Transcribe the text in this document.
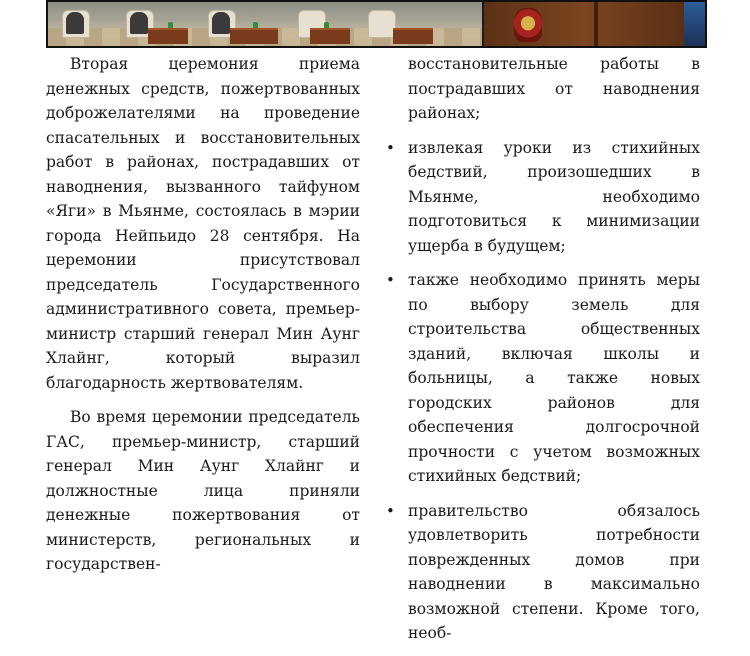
Вторая церемония приема денежных средств, пожертвованных доброжелателями на проведение спасательных и восстановительных работ в районах, пострадавших от наводнения, вызванного тайфуном «Яги» в Мьянме, состоялась в мэрии города Нейпьидо 28 сентября. На церемонии присутствовал председатель Государственного административного совета, премьер-министр старший генерал Мин Аунг Хлайнг, который выразил благодарность жертвователям.

Во время церемонии председатель ГАС, премьер-министр, старший генерал Мин Аунг Хлайнг и должностные лица приняли денежные пожертвования от министерств, региональных и государствен-

восстановительные работы в пострадавших от наводнения районах;

• извлекая уроки из стихийных бедствий, произошедших в Мьянме, необходимо подготовиться к минимизации ущерба в будущем;
• также необходимо принять меры по выбору земель для строительства общественных зданий, включая школы и больницы, а также новых городских районов для обеспечения долгосрочной прочности с учетом возможных стихийных бедствий;
• правительство обязалось удовлетворить потребности поврежденных домов при наводнении в максимально возможной степени. Кроме того, необ-
